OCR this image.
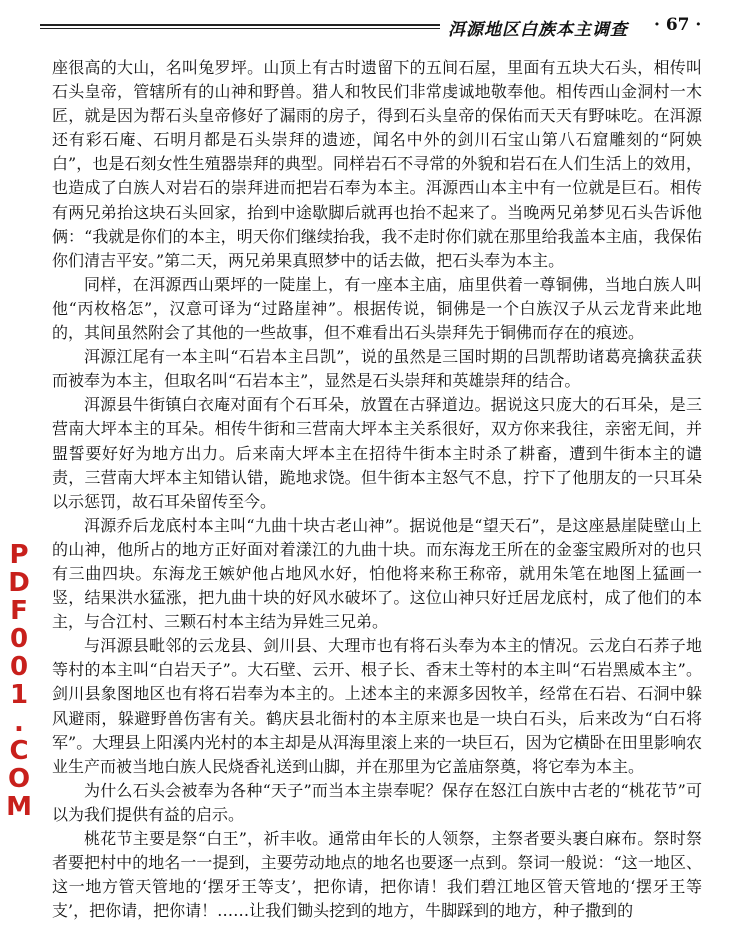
洱源地区白族本主调查 · 67 ·

座很高的大山，名叫兔罗坪。山顶上有古时遗留下的五间石屋，里面有五块大石头，相传叫石头皇帝，管辖所有的山神和野兽。猎人和牧民们非常虔诚地敬奉他。相传西山金洞村一木匠，就是因为帮石头皇帝修好了漏雨的房子，得到石头皇帝的保佑而天天有野味吃。在洱源还有彩石庵、石明月都是石头崇拜的遗迹，闻名中外的剑川石宝山第八石窟雕刻的“阿姎白”，也是石刻女性生殖器崇拜的典型。同样岩石不寻常的外貌和岩石在人们生活上的效用，也造成了白族人对岩石的崇拜进而把岩石奉为本主。洱源西山本主中有一位就是巨石。相传有两兄弟抬这块石头回家，抬到中途歇脚后就再也抬不起来了。当晚两兄弟梦见石头告诉他俩：“我就是你们的本主，明天你们继续抬我，我不走时你们就在那里给我盖本主庙，我保佑你们清吉平安。”第二天，两兄弟果真照梦中的话去做，把石头奉为本主。

同样，在洱源西山栗坪的一陡崖上，有一座本主庙，庙里供着一尊铜佛，当地白族人叫他“丙枚格怎”，汉意可译为“过路崖神”。根据传说，铜佛是一个白族汉子从云龙背来此地的，其间虽然附会了其他的一些故事，但不难看出石头崇拜先于铜佛而存在的痕迹。

洱源江尾有一本主叫“石岩本主吕凯”，说的虽然是三国时期的吕凯帮助诸葛亮擒获孟获而被奉为本主，但取名叫“石岩本主”，显然是石头崇拜和英雄崇拜的结合。

洱源县牛街镇白衣庵对面有个石耳朵，放置在古驿道边。据说这只庞大的石耳朵，是三营南大坪本主的耳朵。相传牛街和三营南大坪本主关系很好，双方你来我往，亲密无间，并盟誓要好好为地方出力。后来南大坪本主在招待牛街本主时杀了耕畜，遭到牛街本主的谴责，三营南大坪本主知错认错，跪地求饶。但牛街本主怒气不息，拧下了他朋友的一只耳朵以示惩罚，故石耳朵留传至今。

洱源乔后龙底村本主叫“九曲十块古老山神”。据说他是“望天石”，是这座悬崖陡壁山上的山神，他所占的地方正好面对着漾江的九曲十块。而东海龙王所在的金銮宝殿所对的也只有三曲四块。东海龙王嫉妒他占地风水好，怕他将来称王称帝，就用朱笔在地图上猛画一竖，结果洪水猛涨，把九曲十块的好风水破坏了。这位山神只好迁居龙底村，成了他们的本主，与合江村、三颗石村本主结为异姓三兄弟。

与洱源县毗邻的云龙县、剑川县、大理市也有将石头奉为本主的情况。云龙白石荞子地等村的本主叫“白岩天子”。大石壁、云开、根子长、香末土等村的本主叫“石岩黑威本主”。剑川县象图地区也有将石岩奉为本主的。上述本主的来源多因牧羊，经常在石岩、石洞中躲风避雨，躲避野兽伤害有关。鹤庆县北衙村的本主原来也是一块白石头，后来改为“白石将军”。大理县上阳溪内光村的本主却是从洱海里滚上来的一块巨石，因为它横卧在田里影响农业生产而被当地白族人民烧香礼送到山脚，并在那里为它盖庙祭奠，将它奉为本主。

为什么石头会被奉为各种“天子”而当本主崇奉呢？保存在怒江白族中古老的“桃花节”可以为我们提供有益的启示。

桃花节主要是祭“白王”，祈丰收。通常由年长的人领祭，主祭者要头裹白麻布。祭时祭者要把村中的地名一一提到，主要劳动地点的地名也要逐一点到。祭词一般说：“这一地区、这一地方管天管地的‘摆牙王等支’，把你请，把你请！我们碧江地区管天管地的‘摆牙王等支’，把你请，把你请！……让我们锄头挖到的地方，牛脚踩到的地方，种子撒到的

PDF001.COM
